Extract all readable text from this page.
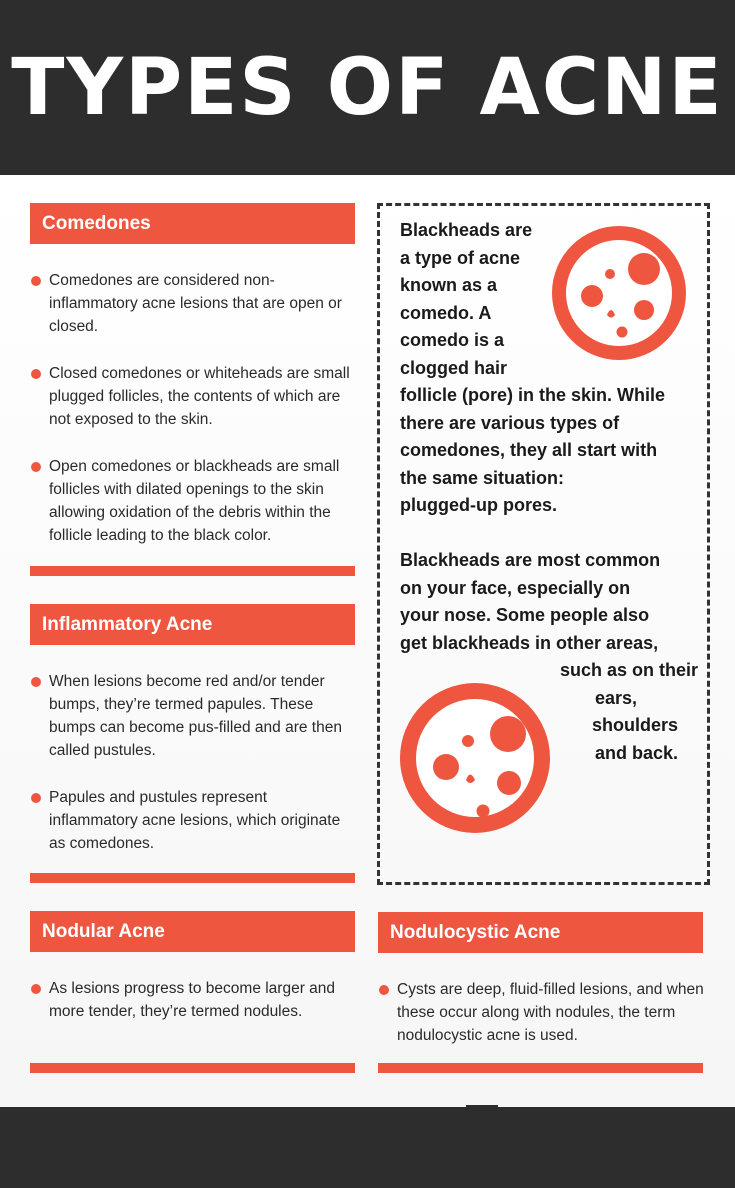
TYPES OF ACNE
Comedones
Comedones are considered non-inflammatory acne lesions that are open or closed.
Closed comedones or whiteheads are small plugged follicles, the contents of which are not exposed to the skin.
Open comedones or blackheads are small follicles with dilated openings to the skin allowing oxidation of the debris within the follicle leading to the black color.
Inflammatory Acne
When lesions become red and/or tender bumps, they’re termed papules. These bumps can become pus-filled and are then called pustules.
Papules and pustules represent inflammatory acne lesions, which originate as comedones.
Nodular Acne
As lesions progress to become larger and more tender, they’re termed nodules.
Nodulocystic Acne
Cysts are deep, fluid-filled lesions, and when these occur along with nodules, the term nodulocystic acne is used.
Blackheads are
a type of acne
known as a
comedo. A
comedo is a
clogged hair
follicle (pore) in the skin. While
there are various types of
comedones, they all start with
the same situation:
plugged-up pores.
Blackheads are most common
on your face, especially on
your nose. Some people also
get blackheads in other areas,
such as on their
ears,
shoulders
and back.
